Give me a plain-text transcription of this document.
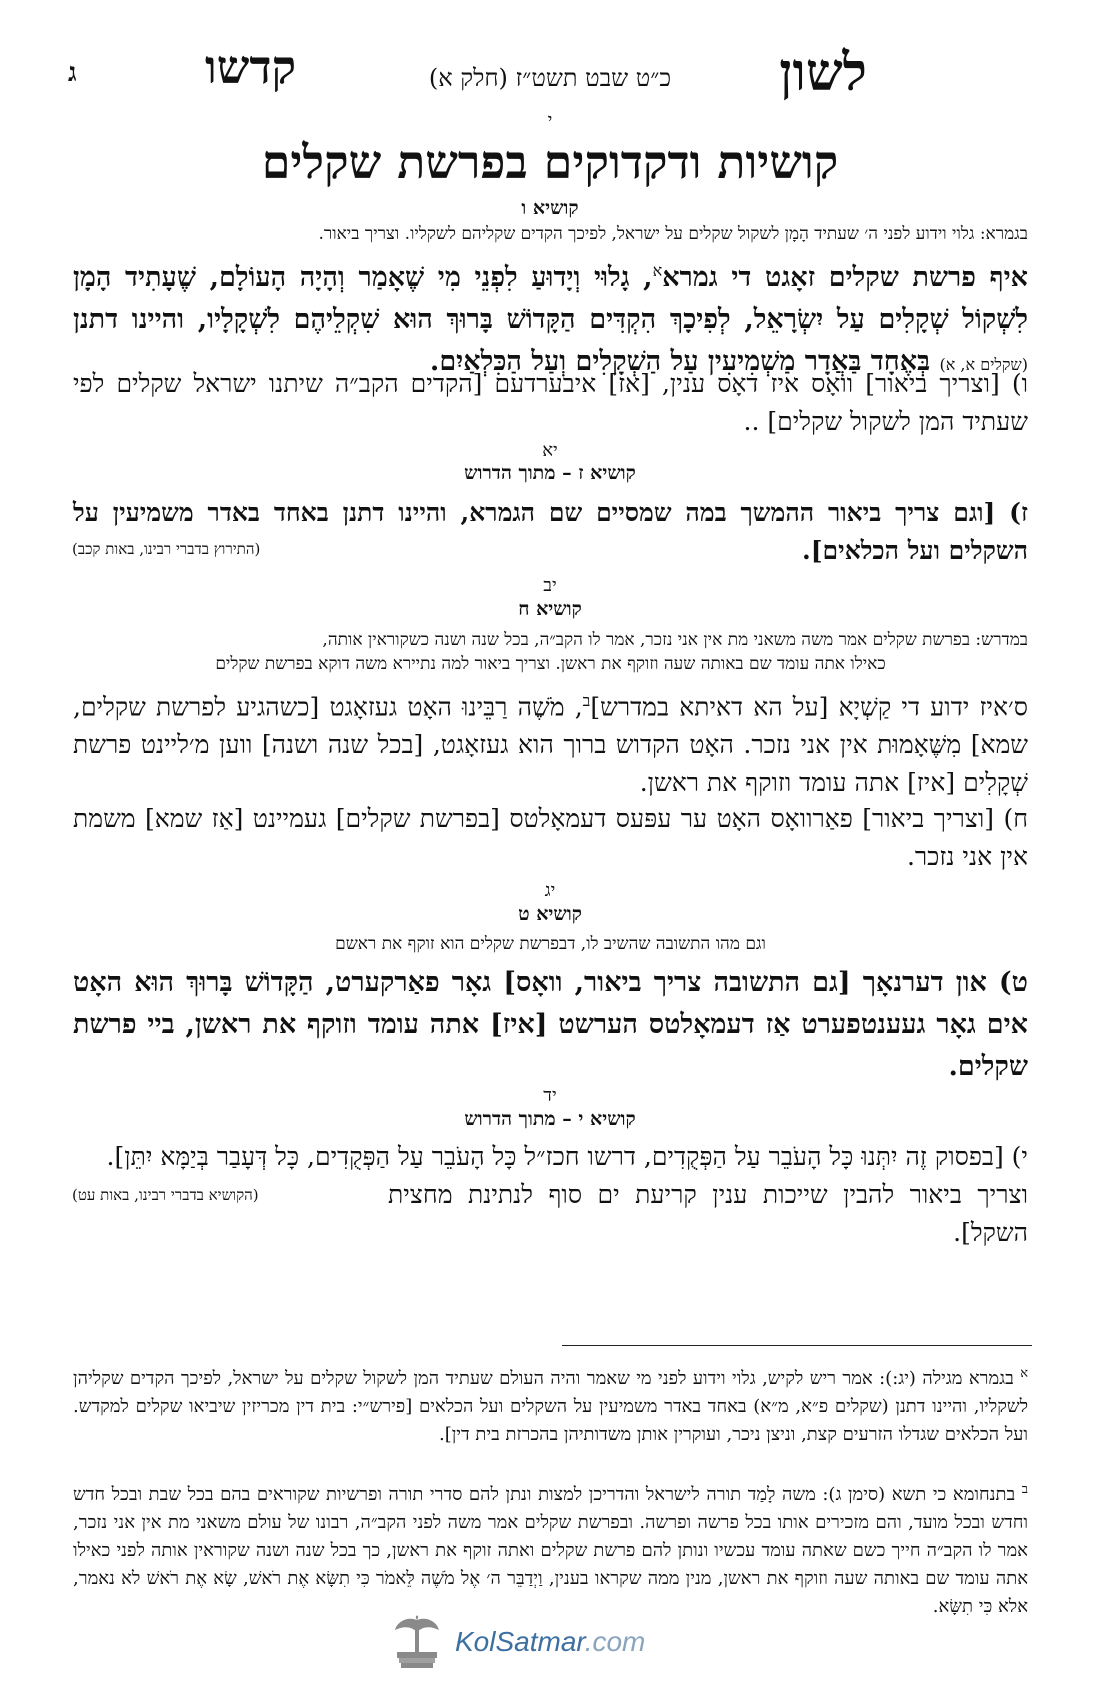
לשון
כ״ט שבט תשט״ז (חלק א)
קדשו
ג
י
קושיות ודקדוקים בפרשת שקלים
קושיא ו
בגמרא: גלוי וידוע לפני ה׳ שעתיד הָמָן לשקול שקלים על ישראל, לפיכך הקדים שקליהם לשקליו. וצריך ביאור.
איף פרשת שקלים זאָגט די גמרא$^א$, גָלוּי וְיָדוּעַ לִפְנֵי מִי שֶׁאָמַר וְהָיָה הָעוֹלָם, שֶׁעָתִיד הָמָן לִשְׁקוֹל שְׁקָלִים עַל יִשְׂרָאֵל, לְפִיכָךְ הִקְדִּים הַקָּדוֹשׁ בָּרוּךְ הוּא שִׁקְלֵיהֶם לִשְׁקָלָיו, והיינו דתנן (שקלים א, א) בְּאֶחָד בַּאֲדָר מַשְׁמִיעִין עַל הַשְׁקָלִים וְעַל הַכִּלְאַיִם.
ו) [וצריך ביאור] וואָס איז דאָס ענין, [אז] איבערדעם [הקדים הקב״ה שיתנו ישראל שקלים לפי שעתיד המן לשקול שקלים] ..
יא
קושיא ז – מתוך הדרוש
ז) [וגם צריך ביאור ההמשך במה שמסיים שם הגמרא, והיינו דתנן באחד באדר משמיעין על השקלים ועל הכלאים].
(התירוץ בדברי רבינו, באות קכב)
יב
קושיא ח
במדרש: בפרשת שקלים אמר משה משאני מת אין אני נזכר, אמר לו הקב״ה, בכל שנה ושנה כשקוראין אותה,
כאילו אתה עומד שם באותה שעה וזוקף את ראשן. וצריך ביאור למה נתיירא משה דוקא בפרשת שקלים
ס׳איז ידוע די קַשְׁיָא [על הא דאיתא במדרש]$^ב$, מֹשֶׁה רַבֵּינוּ האָט געזאָגט [כשהגיע לפרשת שקלים, שמא] מִשֶּׁאָמוּת אין אני נזכר. האָט הקדוש ברוך הוא געזאָגט, [בכל שנה ושנה] ווען מ׳ליינט פרשת שְׁקָלִים [איז] אתה עומד וזוקף את ראשן.
ח) [וצריך ביאור] פאַרוואָס האָט ער עפּעס דעמאָלטס [בפרשת שקלים] געמיינט [אַז שמא] משמת אין אני נזכר.
יג
קושיא ט
וגם מהו התשובה שהשיב לו, דבפרשת שקלים הוא זוקף את ראשם
ט) און דערנאָך [גם התשובה צריך ביאור, וואָס] גאָר פאַרקערט, הַקָּדוֹשׁ בָּרוּךְ הוּא האָט אים גאָר געענטפערט אַז דעמאָלטס הערשט [איז] אתה עומד וזוקף את ראשן, ביי פרשת שקלים.
יד
קושיא י – מתוך הדרוש
י) [בפסוק זֶה יִתְּנוּ כָּל הָעֹבֵר עַל הַפְּקֻדִים, דרשו חכז״ל כָּל הָעֹבֵר עַל הַפְּקֻדִים, כָּל דְּעָבַר בְּיַמָּא יִתֵּן].
וצריך ביאור להבין שייכות ענין קריעת ים סוף לנתינת מחצית השקל].
(הקושיא בדברי רבינו, באות עט)
$^א$ בגמרא מגילה (יג:): אמר ריש לקיש, גלוי וידוע לפני מי שאמר והיה העולם שעתיד המן לשקול שקלים על ישראל, לפיכך הקדים שקליהן לשקליו, והיינו דתנן (שקלים פ״א, מ״א) באחד באדר משמיעין על השקלים ועל הכלאים [פירש״י: בית דין מכריזין שיביאו שקלים למקדש. ועל הכלאים שגדלו הזרעים קצת, וניצן ניכר, ועוקרין אותן משדותיהן בהכרזת בית דין].
$^ב$ בתנחומא כי תשא (סימן ג): משה לָמַד תורה לישראל והדריכן למצות ונתן להם סדרי תורה ופרשיות שקוראים בהם בכל שבת ובכל חדש וחדש ובכל מועד, והם מזכירים אותו בכל פרשה ופרשה. ובפרשת שקלים אמר משה לפני הקב״ה, רבונו של עולם משאני מת אין אני נזכר, אמר לו הקב״ה חייך כשם שאתה עומד עכשיו ונותן להם פרשת שקלים ואתה זוקף את ראשן, כך בכל שנה ושנה שקוראין אותה לפני כאילו אתה עומד שם באותה שעה וזוקף את ראשן, מנין ממה שקראו בענין, וַיְדַבֵּר ה׳ אֶל מֹשֶׁה לֵּאמֹר כִּי תִשָּׂא אֶת רֹאשׁ, שָׂא אֶת רֹאשׁ לא נאמר, אלא כִּי תִשָּׂא.
KolSatmar.com
